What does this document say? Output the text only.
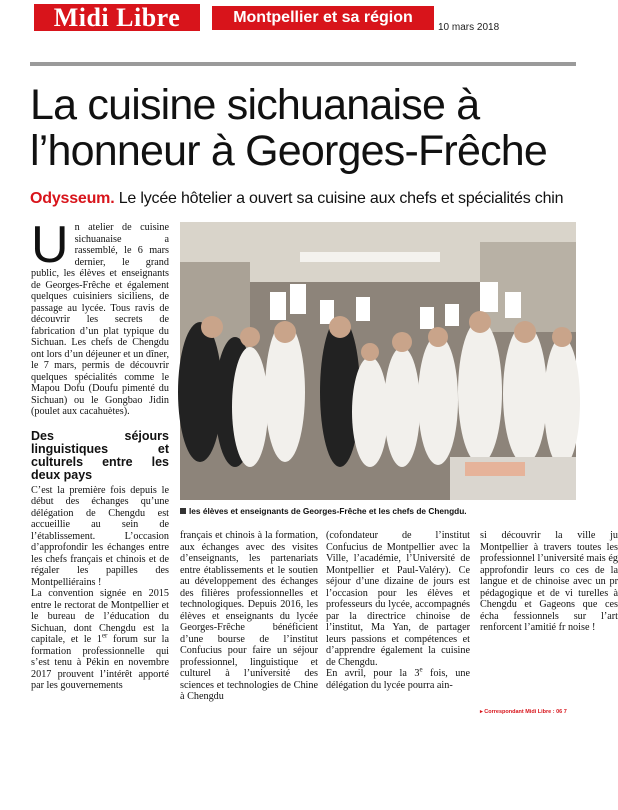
Midi Libre	Montpellier et sa région
10 mars 2018
La cuisine sichuanaise à
l’honneur à Georges-Frêche
Odysseum. Le lycée hôtelier a ouvert sa cuisine aux chefs et spécialités chin

Un atelier de cuisine sichuanaise a rassemblé, le 6 mars dernier, le grand public, les élèves et enseignants de Georges-Frêche et également quelques cuisiniers siciliens, de passage au lycée. Tous ravis de découvrir les secrets de fabrication d’un plat typique du Sichuan. Les chefs de Chengdu ont lors d’un déjeuner et un dîner, le 7 mars, permis de découvrir quelques spécialités comme le Mapou Dofu (Doufu pimenté du Sichuan) ou le Gongbao Jidin (poulet aux cacahuètes).

Des séjours linguistiques et culturels entre les deux pays

C’est la première fois depuis le début des échanges qu’une délégation de Chengdu est accueillie au sein de l’établissement. L’occasion d’approfondir les échanges entre les chefs français et chinois et de régaler les papilles des Montpelliérains !

La convention signée en 2015 entre le rectorat de Montpellier et le bureau de l’éducation du Sichuan, dont Chengdu est la capitale, et le 1er forum sur la formation professionnelle qui s’est tenu à Pékin en novembre 2017 prouvent l’intérêt apporté par les gouvernements

les élèves et enseignants de Georges-Frêche et les chefs de Chengdu.

français et chinois à la formation, aux échanges avec des visites d’enseignants, les partenariats entre établissements et le soutien au développement des échanges des filières professionnelles et technologiques. Depuis 2016, les élèves et enseignants du lycée Georges-Frêche bénéficient d’une bourse de l’institut Confucius pour faire un séjour professionnel, linguistique et culturel à l’université des sciences et technologies de Chine à Chengdu

(cofondateur de l’institut Confucius de Montpellier avec la Ville, l’académie, l’Université de Montpellier et Paul-Valéry). Ce séjour d’une dizaine de jours est l’occasion pour les élèves et professeurs du lycée, accompagnés par la directrice chinoise de l’institut, Ma Yan, de partager leurs passions et compétences et d’apprendre également la cuisine de Chengdu.

En avril, pour la 3e fois, une délégation du lycée pourra ain-

si découvrir la ville ju Montpellier à travers toutes les professionnel l’université mais ég approfondir leurs co ces de la langue et de chinoise avec un pr pédagogique et de vi turelles à Chengdu et Gageons que ces écha fessionnels sur l’art renforcent l’amitié fr noise !

▸ Correspondant Midi Libre : 06 7
